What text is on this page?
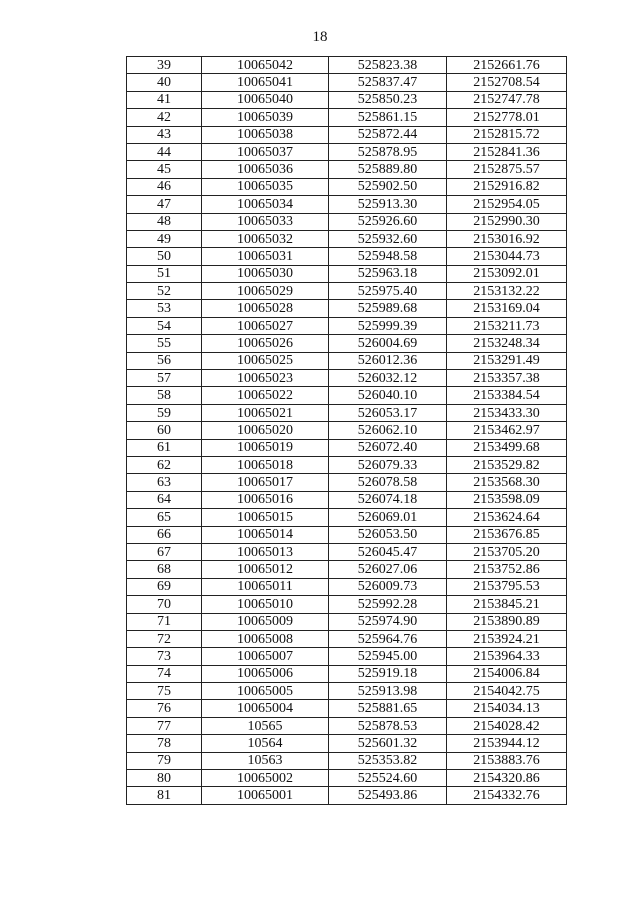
18
39	10065042	525823.38	2152661.76
40	10065041	525837.47	2152708.54
41	10065040	525850.23	2152747.78
42	10065039	525861.15	2152778.01
43	10065038	525872.44	2152815.72
44	10065037	525878.95	2152841.36
45	10065036	525889.80	2152875.57
46	10065035	525902.50	2152916.82
47	10065034	525913.30	2152954.05
48	10065033	525926.60	2152990.30
49	10065032	525932.60	2153016.92
50	10065031	525948.58	2153044.73
51	10065030	525963.18	2153092.01
52	10065029	525975.40	2153132.22
53	10065028	525989.68	2153169.04
54	10065027	525999.39	2153211.73
55	10065026	526004.69	2153248.34
56	10065025	526012.36	2153291.49
57	10065023	526032.12	2153357.38
58	10065022	526040.10	2153384.54
59	10065021	526053.17	2153433.30
60	10065020	526062.10	2153462.97
61	10065019	526072.40	2153499.68
62	10065018	526079.33	2153529.82
63	10065017	526078.58	2153568.30
64	10065016	526074.18	2153598.09
65	10065015	526069.01	2153624.64
66	10065014	526053.50	2153676.85
67	10065013	526045.47	2153705.20
68	10065012	526027.06	2153752.86
69	10065011	526009.73	2153795.53
70	10065010	525992.28	2153845.21
71	10065009	525974.90	2153890.89
72	10065008	525964.76	2153924.21
73	10065007	525945.00	2153964.33
74	10065006	525919.18	2154006.84
75	10065005	525913.98	2154042.75
76	10065004	525881.65	2154034.13
77	10565	525878.53	2154028.42
78	10564	525601.32	2153944.12
79	10563	525353.82	2153883.76
80	10065002	525524.60	2154320.86
81	10065001	525493.86	2154332.76
